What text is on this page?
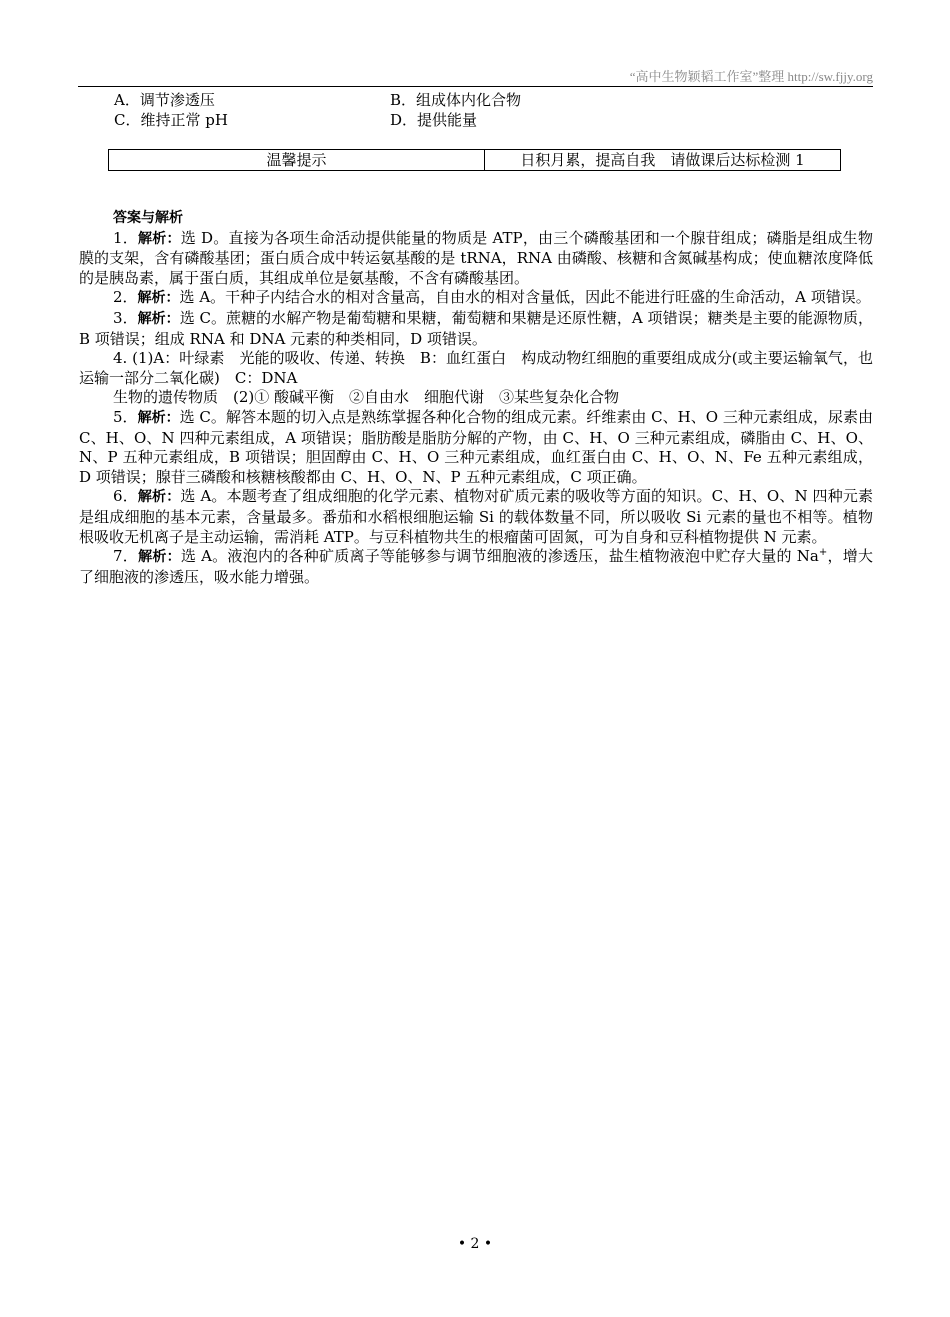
“高中生物颖韬工作室”整理 http://sw.fjjy.org
A．调节渗透压	B．组成体内化合物
C．维持正常 pH	D．提供能量
温馨提示	日积月累，提高自我　请做课后达标检测 1

答案与解析

1．解析：选 D。直接为各项生命活动提供能量的物质是 ATP，由三个磷酸基团和一个腺苷组成；磷脂是组成生物膜的支架，含有磷酸基团；蛋白质合成中转运氨基酸的是 tRNA，RNA 由磷酸、核糖和含氮碱基构成；使血糖浓度降低的是胰岛素，属于蛋白质，其组成单位是氨基酸，不含有磷酸基团。

2．解析：选 A。干种子内结合水的相对含量高，自由水的相对含量低，因此不能进行旺盛的生命活动，A 项错误。

3．解析：选 C。蔗糖的水解产物是葡萄糖和果糖，葡萄糖和果糖是还原性糖，A 项错误；糖类是主要的能源物质，B 项错误；组成 RNA 和 DNA 元素的种类相同，D 项错误。

4. (1)A：叶绿素　光能的吸收、传递、转换　B：血红蛋白　构成动物红细胞的重要组成成分(或主要运输氧气，也运输一部分二氧化碳)　C：DNA

生物的遗传物质　(2)① 酸碱平衡　②自由水　细胞代谢　③某些复杂化合物

5．解析：选 C。解答本题的切入点是熟练掌握各种化合物的组成元素。纤维素由 C、H、O 三种元素组成，尿素由 C、H、O、N 四种元素组成，A 项错误；脂肪酸是脂肪分解的产物，由 C、H、O 三种元素组成，磷脂由 C、H、O、N、P 五种元素组成，B 项错误；胆固醇由 C、H、O 三种元素组成，血红蛋白由 C、H、O、N、Fe 五种元素组成，D 项错误；腺苷三磷酸和核糖核酸都由 C、H、O、N、P 五种元素组成，C 项正确。

6．解析：选 A。本题考查了组成细胞的化学元素、植物对矿质元素的吸收等方面的知识。C、H、O、N 四种元素是组成细胞的基本元素，含量最多。番茄和水稻根细胞运输 Si 的载体数量不同，所以吸收 Si 元素的量也不相等。植物根吸收无机离子是主动运输，需消耗 ATP。与豆科植物共生的根瘤菌可固氮，可为自身和豆科植物提供 N 元素。

7．解析：选 A。液泡内的各种矿质离子等能够参与调节细胞液的渗透压，盐生植物液泡中贮存大量的 Na+，增大了细胞液的渗透压，吸水能力增强。

• 2 •
